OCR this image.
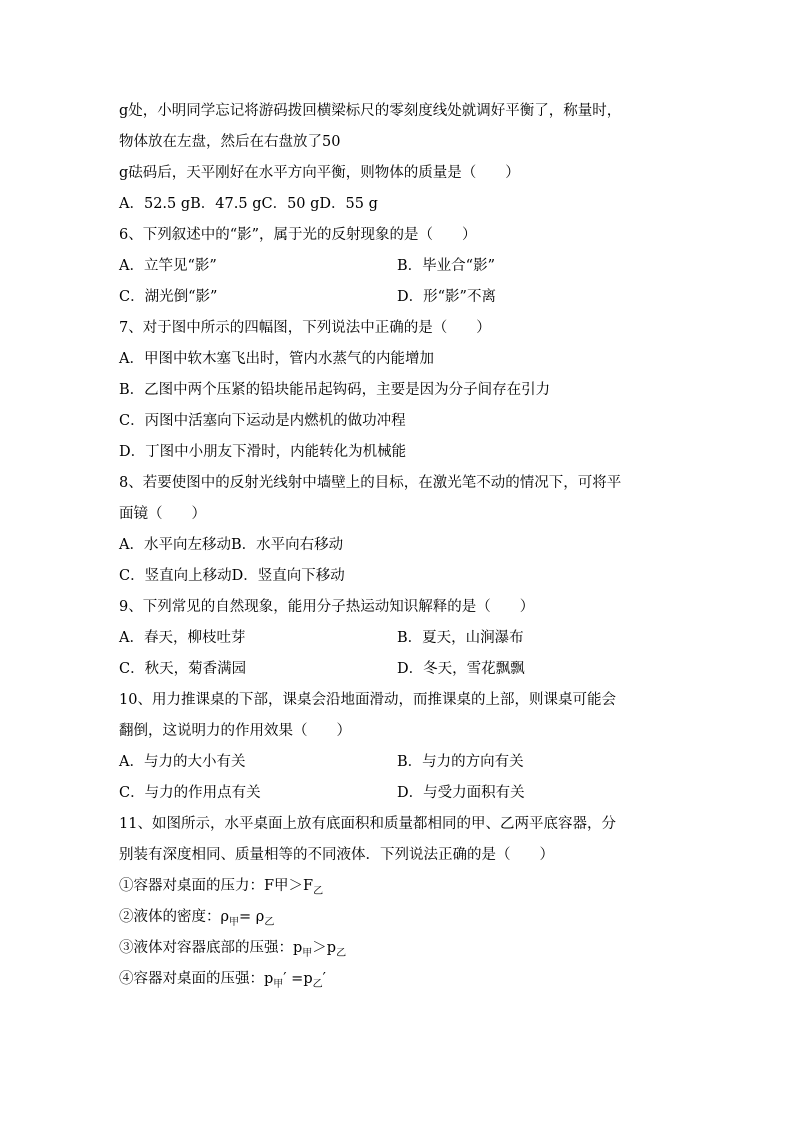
g处，小明同学忘记将游码拨回横梁标尺的零刻度线处就调好平衡了，称量时，
物体放在左盘，然后在右盘放了50
g砝码后，天平刚好在水平方向平衡，则物体的质量是（　　）
A．52.5 gB．47.5 gC．50 gD．55 g
6、下列叙述中的“影”，属于光的反射现象的是（　　）
A．立竿见“影”	B．毕业合“影”
C．湖光倒“影”	D．形“影”不离
7、对于图中所示的四幅图，下列说法中正确的是（　　）
A．甲图中软木塞飞出时，管内水蒸气的内能增加
B．乙图中两个压紧的铅块能吊起钩码，主要是因为分子间存在引力
C．丙图中活塞向下运动是内燃机的做功冲程
D．丁图中小朋友下滑时，内能转化为机械能
8、若要使图中的反射光线射中墙壁上的目标，在激光笔不动的情况下，可将平
面镜（　　）
A．水平向左移动B．水平向右移动
C．竖直向上移动D．竖直向下移动
9、下列常见的自然现象，能用分子热运动知识解释的是（　　）
A．春天，柳枝吐芽	B．夏天，山涧瀑布
C．秋天，菊香满园	D．冬天，雪花飘飘
10、用力推课桌的下部，课桌会沿地面滑动，而推课桌的上部，则课桌可能会
翻倒，这说明力的作用效果（　　）
A．与力的大小有关	B．与力的方向有关
C．与力的作用点有关	D．与受力面积有关
11、如图所示，水平桌面上放有底面积和质量都相同的甲、乙两平底容器，分
别装有深度相同、质量相等的不同液体．下列说法正确的是（　　）
①容器对桌面的压力：F甲$>F_乙$
②液体的密度：$\rho_甲= \rho_乙$
③液体对容器底部的压强：$p_甲>p_乙$
④容器对桌面的压强：$p_甲' =p_乙'$
